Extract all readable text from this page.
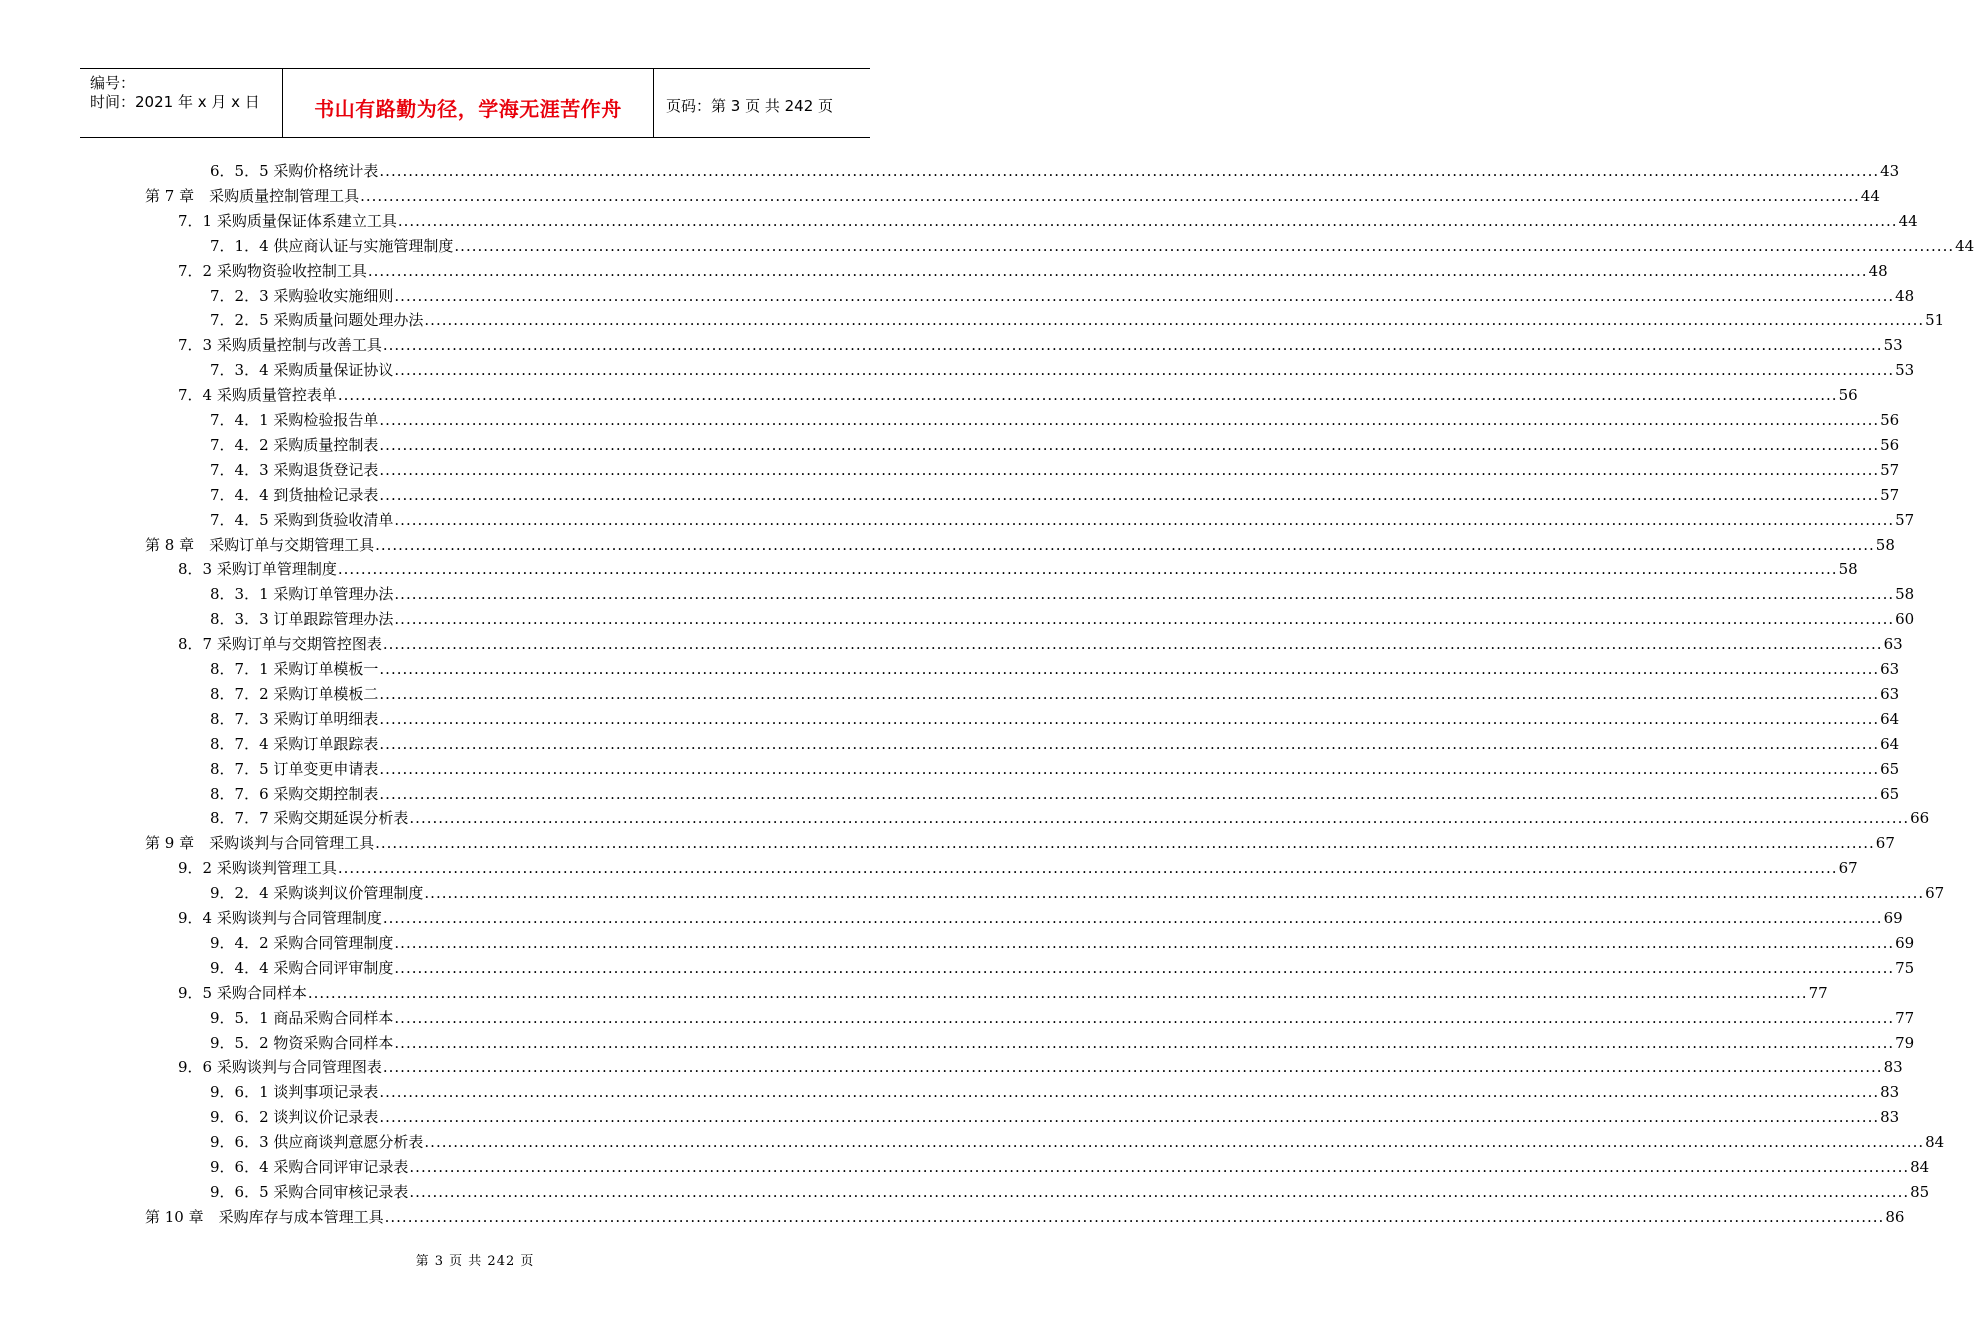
编号：
时间：2021 年 x 月 x 日	书山有路勤为径，学海无涯苦作舟	页码：第 3 页 共 242 页
6．5．5 采购价格统计表 .................................................................................................................................................................................................................................................................... 43
第 7 章　采购质量控制管理工具 .................................................................................................................................................................................................................................................................... 44
7．1 采购质量保证体系建立工具 .................................................................................................................................................................................................................................................................... 44
7．1．4 供应商认证与实施管理制度 .................................................................................................................................................................................................................................................................... 44
7．2 采购物资验收控制工具 .................................................................................................................................................................................................................................................................... 48
7．2．3 采购验收实施细则 .................................................................................................................................................................................................................................................................... 48
7．2．5 采购质量问题处理办法 .................................................................................................................................................................................................................................................................... 51
7．3 采购质量控制与改善工具 .................................................................................................................................................................................................................................................................... 53
7．3．4 采购质量保证协议 .................................................................................................................................................................................................................................................................... 53
7．4 采购质量管控表单 .................................................................................................................................................................................................................................................................... 56
7．4．1 采购检验报告单 .................................................................................................................................................................................................................................................................... 56
7．4．2 采购质量控制表 .................................................................................................................................................................................................................................................................... 56
7．4．3 采购退货登记表 .................................................................................................................................................................................................................................................................... 57
7．4．4 到货抽检记录表 .................................................................................................................................................................................................................................................................... 57
7．4．5 采购到货验收清单 .................................................................................................................................................................................................................................................................... 57
第 8 章　采购订单与交期管理工具 .................................................................................................................................................................................................................................................................... 58
8．3 采购订单管理制度 .................................................................................................................................................................................................................................................................... 58
8．3．1 采购订单管理办法 .................................................................................................................................................................................................................................................................... 58
8．3．3 订单跟踪管理办法 .................................................................................................................................................................................................................................................................... 60
8．7 采购订单与交期管控图表 .................................................................................................................................................................................................................................................................... 63
8．7．1 采购订单模板一 .................................................................................................................................................................................................................................................................... 63
8．7．2 采购订单模板二 .................................................................................................................................................................................................................................................................... 63
8．7．3 采购订单明细表 .................................................................................................................................................................................................................................................................... 64
8．7．4 采购订单跟踪表 .................................................................................................................................................................................................................................................................... 64
8．7．5 订单变更申请表 .................................................................................................................................................................................................................................................................... 65
8．7．6 采购交期控制表 .................................................................................................................................................................................................................................................................... 65
8．7．7 采购交期延误分析表 .................................................................................................................................................................................................................................................................... 66
第 9 章　采购谈判与合同管理工具 .................................................................................................................................................................................................................................................................... 67
9．2 采购谈判管理工具 .................................................................................................................................................................................................................................................................... 67
9．2．4 采购谈判议价管理制度 .................................................................................................................................................................................................................................................................... 67
9．4 采购谈判与合同管理制度 .................................................................................................................................................................................................................................................................... 69
9．4．2 采购合同管理制度 .................................................................................................................................................................................................................................................................... 69
9．4．4 采购合同评审制度 .................................................................................................................................................................................................................................................................... 75
9．5 采购合同样本 .................................................................................................................................................................................................................................................................... 77
9．5．1 商品采购合同样本 .................................................................................................................................................................................................................................................................... 77
9．5．2 物资采购合同样本 .................................................................................................................................................................................................................................................................... 79
9．6 采购谈判与合同管理图表 .................................................................................................................................................................................................................................................................... 83
9．6．1 谈判事项记录表 .................................................................................................................................................................................................................................................................... 83
9．6．2 谈判议价记录表 .................................................................................................................................................................................................................................................................... 83
9．6．3 供应商谈判意愿分析表 .................................................................................................................................................................................................................................................................... 84
9．6．4 采购合同评审记录表 .................................................................................................................................................................................................................................................................... 84
9．6．5 采购合同审核记录表 .................................................................................................................................................................................................................................................................... 85
第 10 章　采购库存与成本管理工具 .................................................................................................................................................................................................................................................................... 86
第 3 页 共 242 页
